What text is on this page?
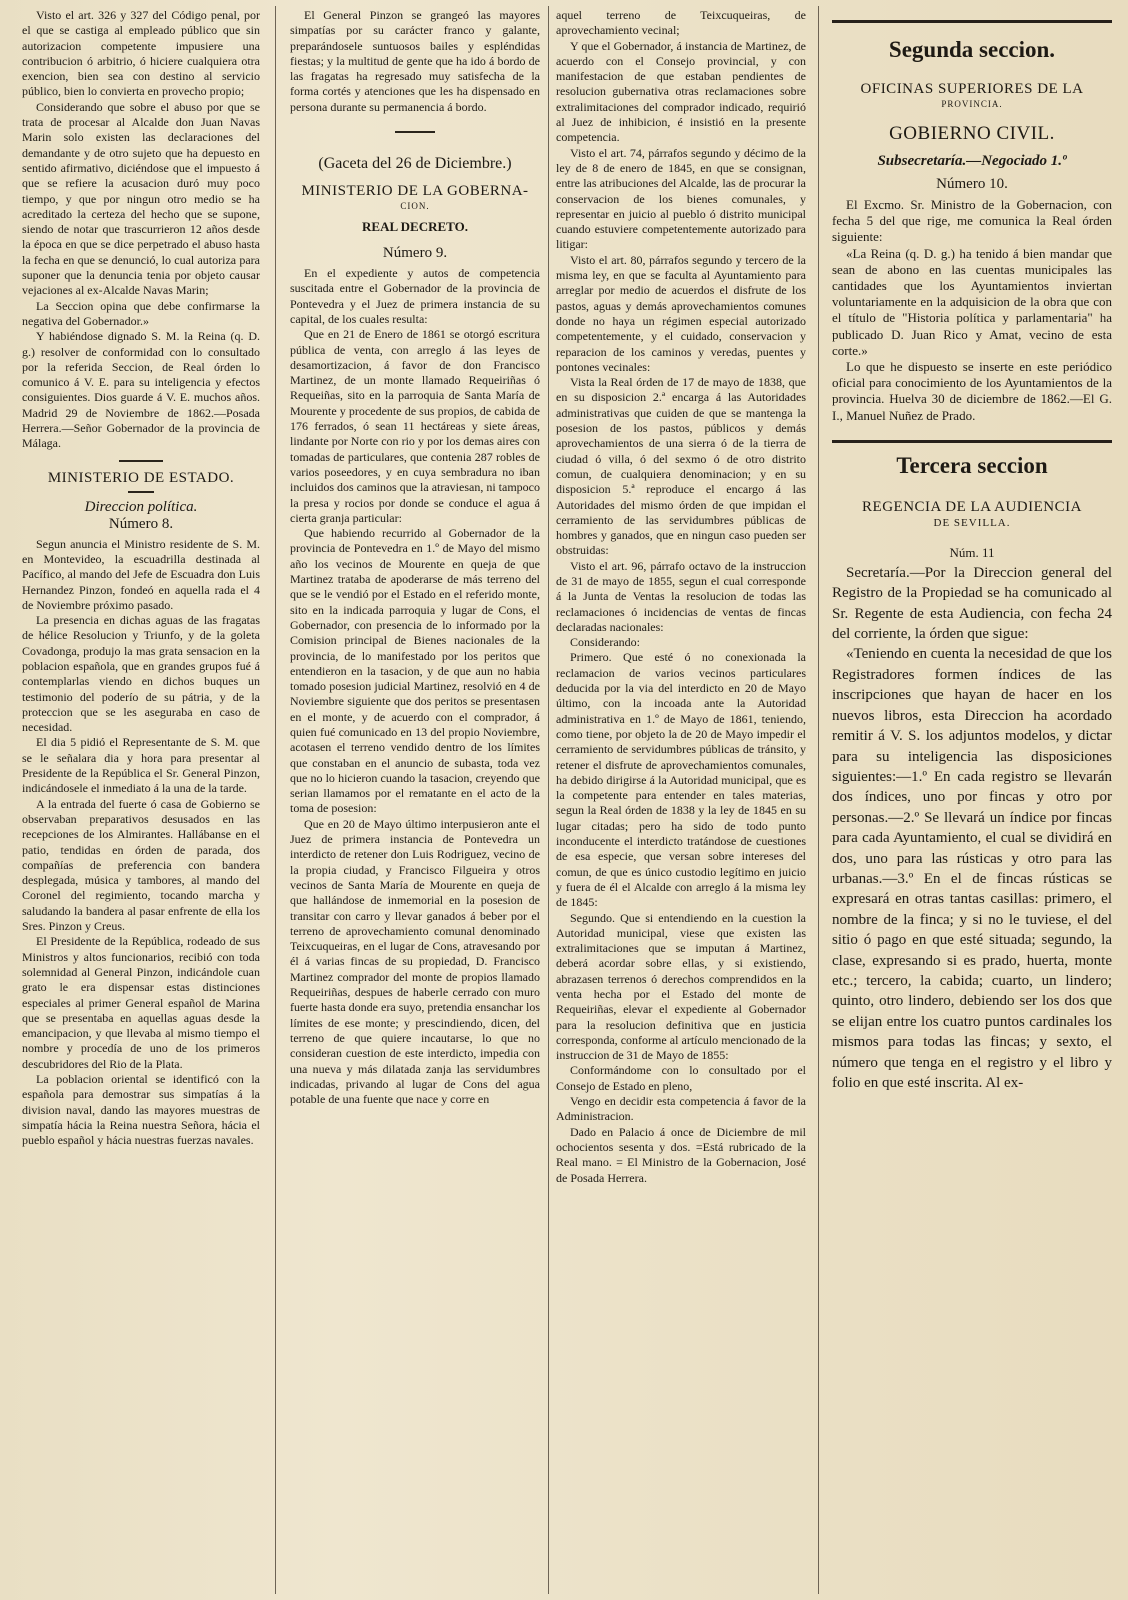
Visto el art. 326 y 327 del Código penal, por el que se castiga al empleado público que sin autorizacion competente impusiere una contribucion ó arbitrio, ó hiciere cualquiera otra exencion, bien sea con destino al servicio público, bien lo convierta en provecho propio;

Considerando que sobre el abuso por que se trata de procesar al Alcalde don Juan Navas Marin solo existen las declaraciones del demandante y de otro sujeto que ha depuesto en sentido afirmativo, diciéndose que el impuesto á que se refiere la acusacion duró muy poco tiempo, y que por ningun otro medio se ha acreditado la certeza del hecho que se supone, siendo de notar que trascurrieron 12 años desde la época en que se dice perpetrado el abuso hasta la fecha en que se denunció, lo cual autoriza para suponer que la denuncia tenia por objeto causar vejaciones al ex-Alcalde Navas Marin;

La Seccion opina que debe confirmarse la negativa del Gobernador.»

Y habiéndose dignado S. M. la Reina (q. D. g.) resolver de conformidad con lo consultado por la referida Seccion, de Real órden lo comunico á V. E. para su inteligencia y efectos consiguientes. Dios guarde á V. E. muchos años. Madrid 29 de Noviembre de 1862.—Posada Herrera.—Señor Gobernador de la provincia de Málaga.

MINISTERIO DE ESTADO.
Direccion política.
Número 8.

Segun anuncia el Ministro residente de S. M. en Montevideo, la escuadrilla destinada al Pacífico, al mando del Jefe de Escuadra don Luis Hernandez Pinzon, fondeó en aquella rada el 4 de Noviembre próximo pasado.

La presencia en dichas aguas de las fragatas de hélice Resolucion y Triunfo, y de la goleta Covadonga, produjo la mas grata sensacion en la poblacion española, que en grandes grupos fué á contemplarlas viendo en dichos buques un testimonio del poderío de su pátria, y de la proteccion que se les aseguraba en caso de necesidad.

El dia 5 pidió el Representante de S. M. que se le señalara dia y hora para presentar al Presidente de la República el Sr. General Pinzon, indicándosele el inmediato á la una de la tarde.

A la entrada del fuerte ó casa de Gobierno se observaban preparativos desusados en las recepciones de los Almirantes. Hallábanse en el patio, tendidas en órden de parada, dos compañías de preferencia con bandera desplegada, música y tambores, al mando del Coronel del regimiento, tocando marcha y saludando la bandera al pasar enfrente de ella los Sres. Pinzon y Creus.

El Presidente de la República, rodeado de sus Ministros y altos funcionarios, recibió con toda solemnidad al General Pinzon, indicándole cuan grato le era dispensar estas distinciones especiales al primer General español de Marina que se presentaba en aquellas aguas desde la emancipacion, y que llevaba al mismo tiempo el nombre y procedía de uno de los primeros descubridores del Rio de la Plata.

La poblacion oriental se identificó con la española para demostrar sus simpatías á la division naval, dando las mayores muestras de simpatía hácia la Reina nuestra Señora, hácia el pueblo español y hácia nuestras fuerzas navales.

El General Pinzon se grangeó las mayores simpatías por su carácter franco y galante, preparándosele suntuosos bailes y espléndidas fiestas; y la multitud de gente que ha ido á bordo de las fragatas ha regresado muy satisfecha de la forma cortés y atenciones que les ha dispensado en persona durante su permanencia á bordo.

(Gaceta del 26 de Diciembre.)
MINISTERIO DE LA GOBERNA-
CION.
REAL DECRETO.
Número 9.

En el expediente y autos de competencia suscitada entre el Gobernador de la provincia de Pontevedra y el Juez de primera instancia de su capital, de los cuales resulta:

Que en 21 de Enero de 1861 se otorgó escritura pública de venta, con arreglo á las leyes de desamortizacion, á favor de don Francisco Martinez, de un monte llamado Requeiriñas ó Requeiñas, sito en la parroquia de Santa María de Mourente y procedente de sus propios, de cabida de 176 ferrados, ó sean 11 hectáreas y siete áreas, lindante por Norte con rio y por los demas aires con tomadas de particulares, que contenia 287 robles de varios poseedores, y en cuya sembradura no iban incluidos dos caminos que la atraviesan, ni tampoco la presa y rocios por donde se conduce el agua á cierta granja particular:

Que habiendo recurrido al Gobernador de la provincia de Pontevedra en 1.º de Mayo del mismo año los vecinos de Mourente en queja de que Martinez trataba de apoderarse de más terreno del que se le vendió por el Estado en el referido monte, sito en la indicada parroquia y lugar de Cons, el Gobernador, con presencia de lo informado por la Comision principal de Bienes nacionales de la provincia, de lo manifestado por los peritos que entendieron en la tasacion, y de que aun no habia tomado posesion judicial Martinez, resolvió en 4 de Noviembre siguiente que dos peritos se presentasen en el monte, y de acuerdo con el comprador, á quien fué comunicado en 13 del propio Noviembre, acotasen el terreno vendido dentro de los límites que constaban en el anuncio de subasta, toda vez que no lo hicieron cuando la tasacion, creyendo que serian llamamos por el rematante en el acto de la toma de posesion:

Que en 20 de Mayo último interpusieron ante el Juez de primera instancia de Pontevedra un interdicto de retener don Luis Rodriguez, vecino de la propia ciudad, y Francisco Filgueira y otros vecinos de Santa María de Mourente en queja de que hallándose de inmemorial en la posesion de transitar con carro y llevar ganados á beber por el terreno de aprovechamiento comunal denominado Teixcuqueiras, en el lugar de Cons, atravesando por él á varias fincas de su propiedad, D. Francisco Martinez comprador del monte de propios llamado Requeiriñas, despues de haberle cerrado con muro fuerte hasta donde era suyo, pretendia ensanchar los límites de ese monte; y prescindiendo, dicen, del terreno de que quiere incautarse, lo que no consideran cuestion de este interdicto, impedia con una nueva y más dilatada zanja las servidumbres indicadas, privando al lugar de Cons del agua potable de una fuente que nace y corre en

aquel terreno de Teixcuqueiras, de aprovechamiento vecinal;

Y que el Gobernador, á instancia de Martinez, de acuerdo con el Consejo provincial, y con manifestacion de que estaban pendientes de resolucion gubernativa otras reclamaciones sobre extralimitaciones del comprador indicado, requirió al Juez de inhibicion, é insistió en la presente competencia.

Visto el art. 74, párrafos segundo y décimo de la ley de 8 de enero de 1845, en que se consignan, entre las atribuciones del Alcalde, las de procurar la conservacion de los bienes comunales, y representar en juicio al pueblo ó distrito municipal cuando estuviere competentemente autorizado para litigar:

Visto el art. 80, párrafos segundo y tercero de la misma ley, en que se faculta al Ayuntamiento para arreglar por medio de acuerdos el disfrute de los pastos, aguas y demás aprovechamientos comunes donde no haya un régimen especial autorizado competentemente, y el cuidado, conservacion y reparacion de los caminos y veredas, puentes y pontones vecinales:

Vista la Real órden de 17 de mayo de 1838, que en su disposicion 2.ª encarga á las Autoridades administrativas que cuiden de que se mantenga la posesion de los pastos, públicos y demás aprovechamientos de una sierra ó de la tierra de ciudad ó villa, ó del sexmo ó de otro distrito comun, de cualquiera denominacion; y en su disposicion 5.ª reproduce el encargo á las Autoridades del mismo órden de que impidan el cerramiento de las servidumbres públicas de hombres y ganados, que en ningun caso pueden ser obstruidas:

Visto el art. 96, párrafo octavo de la instruccion de 31 de mayo de 1855, segun el cual corresponde á la Junta de Ventas la resolucion de todas las reclamaciones ó incidencias de ventas de fincas declaradas nacionales:

Considerando:

Primero. Que esté ó no conexionada la reclamacion de varios vecinos particulares deducida por la via del interdicto en 20 de Mayo último, con la incoada ante la Autoridad administrativa en 1.º de Mayo de 1861, teniendo, como tiene, por objeto la de 20 de Mayo impedir el cerramiento de servidumbres públicas de tránsito, y retener el disfrute de aprovechamientos comunales, ha debido dirigirse á la Autoridad municipal, que es la competente para entender en tales materias, segun la Real órden de 1838 y la ley de 1845 en su lugar citadas; pero ha sido de todo punto inconducente el interdicto tratándose de cuestiones de esa especie, que versan sobre intereses del comun, de que es único custodio legítimo en juicio y fuera de él el Alcalde con arreglo á la misma ley de 1845:

Segundo. Que si entendiendo en la cuestion la Autoridad municipal, viese que existen las extralimitaciones que se imputan á Martinez, deberá acordar sobre ellas, y si existiendo, abrazasen terrenos ó derechos comprendidos en la venta hecha por el Estado del monte de Requeiriñas, elevar el expediente al Gobernador para la resolucion definitiva que en justicia corresponda, conforme al artículo mencionado de la instruccion de 31 de Mayo de 1855:

Conformándome con lo consultado por el Consejo de Estado en pleno,

Vengo en decidir esta competencia á favor de la Administracion.

Dado en Palacio á once de Diciembre de mil ochocientos sesenta y dos. =Está rubricado de la Real mano. = El Ministro de la Gobernacion, José de Posada Herrera.

Segunda seccion.
OFICINAS SUPERIORES DE LA
PROVINCIA.
GOBIERNO CIVIL.
Subsecretaría.—Negociado 1.º
Número 10.

El Excmo. Sr. Ministro de la Gobernacion, con fecha 5 del que rige, me comunica la Real órden siguiente:

«La Reina (q. D. g.) ha tenido á bien mandar que sean de abono en las cuentas municipales las cantidades que los Ayuntamientos inviertan voluntariamente en la adquisicion de la obra que con el título de "Historia política y parlamentaria" ha publicado D. Juan Rico y Amat, vecino de esta corte.»

Lo que he dispuesto se inserte en este periódico oficial para conocimiento de los Ayuntamientos de la provincia. Huelva 30 de diciembre de 1862.—El G. I., Manuel Nuñez de Prado.

Tercera seccion
REGENCIA DE LA AUDIENCIA
DE SEVILLA.
Núm. 11

Secretaría.—Por la Direccion general del Registro de la Propiedad se ha comunicado al Sr. Regente de esta Audiencia, con fecha 24 del corriente, la órden que sigue:

«Teniendo en cuenta la necesidad de que los Registradores formen índices de las inscripciones que hayan de hacer en los nuevos libros, esta Direccion ha acordado remitir á V. S. los adjuntos modelos, y dictar para su inteligencia las disposiciones siguientes:—1.º En cada registro se llevarán dos índices, uno por fincas y otro por personas.—2.º Se llevará un índice por fincas para cada Ayuntamiento, el cual se dividirá en dos, uno para las rústicas y otro para las urbanas.—3.º En el de fincas rústicas se expresará en otras tantas casillas: primero, el nombre de la finca; y si no le tuviese, el del sitio ó pago en que esté situada; segundo, la clase, expresando si es prado, huerta, monte etc.; tercero, la cabida; cuarto, un lindero; quinto, otro lindero, debiendo ser los dos que se elijan entre los cuatro puntos cardinales los mismos para todas las fincas; y sexto, el número que tenga en el registro y el libro y folio en que esté inscrita. Al ex-
